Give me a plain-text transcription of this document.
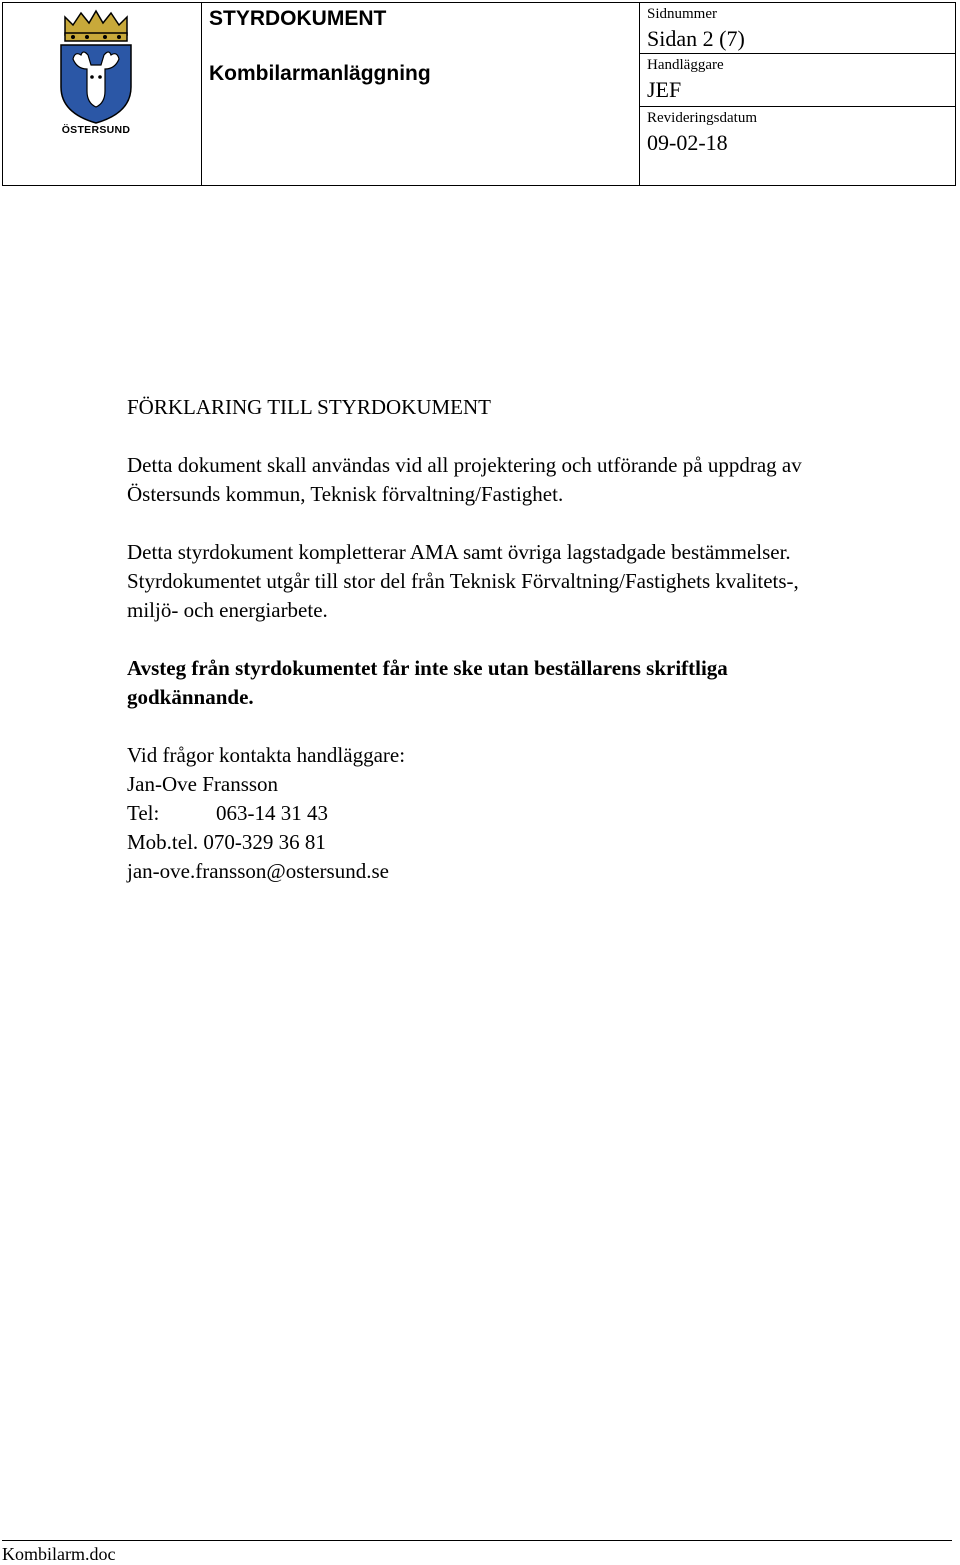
ÖSTERSUND
STYRDOKUMENT
Kombilarmanläggning
Sidnummer
Sidan 2 (7)
Handläggare
JEF
Revideringsdatum
09-02-18

FÖRKLARING TILL STYRDOKUMENT

Detta dokument skall användas vid all projektering och utförande på uppdrag av

Östersunds kommun, Teknisk förvaltning/Fastighet.

Detta styrdokument kompletterar AMA samt övriga lagstadgade bestämmelser.

Styrdokumentet utgår till stor del från Teknisk Förvaltning/Fastighets kvalitets-,

miljö- och energiarbete.

Avsteg från styrdokumentet får inte ske utan beställarens skriftliga

godkännande.

Vid frågor kontakta handläggare:

Jan-Ove Fransson

Tel:	063-14 31 43

Mob.tel. 070-329 36 81

jan-ove.fransson@ostersund.se

Kombilarm.doc
